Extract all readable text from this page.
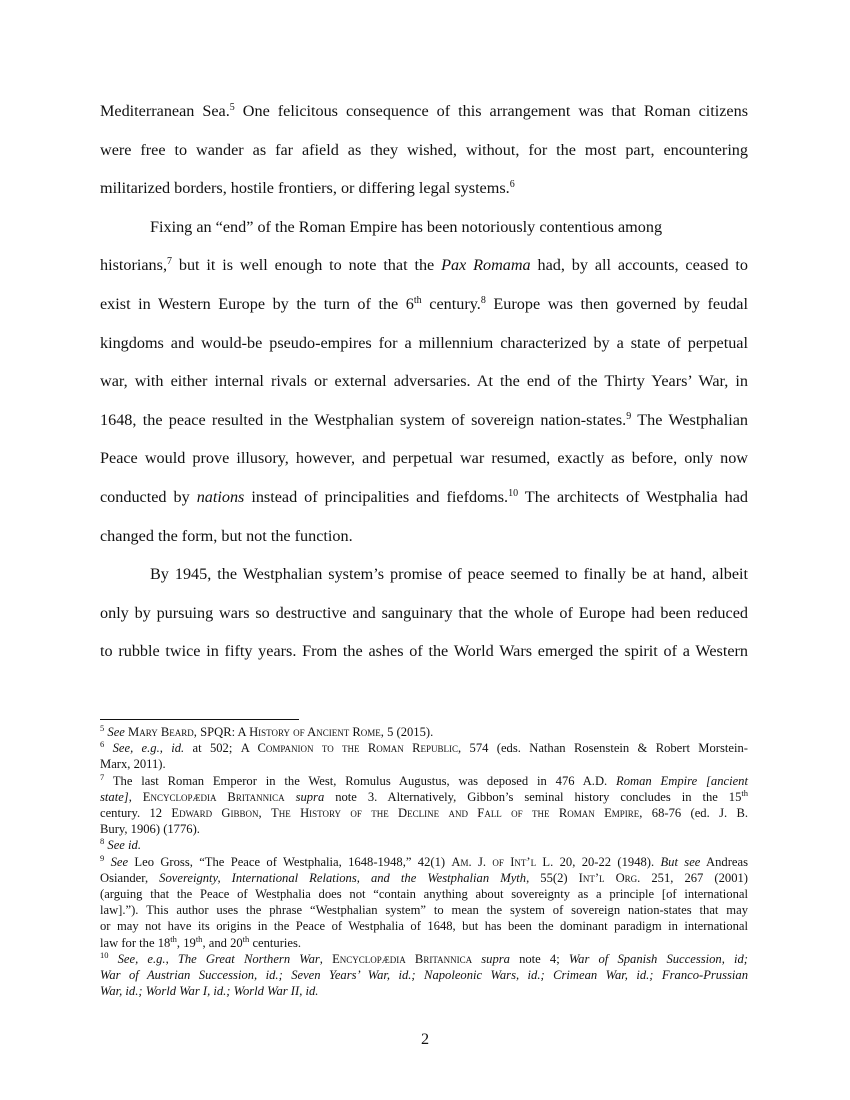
Mediterranean Sea.$^5$ One felicitous consequence of this arrangement was that Roman citizens
were free to wander as far afield as they wished, without, for the most part, encountering
militarized borders, hostile frontiers, or differing legal systems.$^6$
Fixing an “end” of the Roman Empire has been notoriously contentious among
historians,$^7$ but it is well enough to note that the Pax Romama had, by all accounts, ceased to
exist in Western Europe by the turn of the 6th century.$^8$ Europe was then governed by feudal
kingdoms and would-be pseudo-empires for a millennium characterized by a state of perpetual
war, with either internal rivals or external adversaries. At the end of the Thirty Years’ War, in
1648, the peace resulted in the Westphalian system of sovereign nation-states.$^9$ The Westphalian
Peace would prove illusory, however, and perpetual war resumed, exactly as before, only now
conducted by nations instead of principalities and fiefdoms.$^{10}$ The architects of Westphalia had
changed the form, but not the function.
By 1945, the Westphalian system’s promise of peace seemed to finally be at hand, albeit
only by pursuing wars so destructive and sanguinary that the whole of Europe had been reduced
to rubble twice in fifty years. From the ashes of the World Wars emerged the spirit of a Western
$^5$ See Mary Beard, SPQR: A History of Ancient Rome, 5 (2015).
$^6$ See, e.g., id. at 502; A Companion to the Roman Republic, 574 (eds. Nathan Rosenstein & Robert Morstein-
Marx, 2011).
$^7$ The last Roman Emperor in the West, Romulus Augustus, was deposed in 476 A.D. Roman Empire [ancient
state], Encyclopædia Britannica supra note 3. Alternatively, Gibbon’s seminal history concludes in the 15th
century. 12 Edward Gibbon, The History of the Decline and Fall of the Roman Empire, 68-76 (ed. J. B.
Bury, 1906) (1776).
$^8$ See id.
$^9$ See Leo Gross, “The Peace of Westphalia, 1648-1948,” 42(1) Am. J. of Int’l L. 20, 20-22 (1948). But see Andreas
Osiander, Sovereignty, International Relations, and the Westphalian Myth, 55(2) Int’l Org. 251, 267 (2001)
(arguing that the Peace of Westphalia does not “contain anything about sovereignty as a principle [of international
law].”). This author uses the phrase “Westphalian system” to mean the system of sovereign nation-states that may
or may not have its origins in the Peace of Westphalia of 1648, but has been the dominant paradigm in international
law for the 18th, 19th, and 20th centuries.
$^{10}$ See, e.g., The Great Northern War, Encyclopædia Britannica supra note 4; War of Spanish Succession, id;
War of Austrian Succession, id.; Seven Years’ War, id.; Napoleonic Wars, id.; Crimean War, id.; Franco-Prussian
War, id.; World War I, id.; World War II, id.
2
